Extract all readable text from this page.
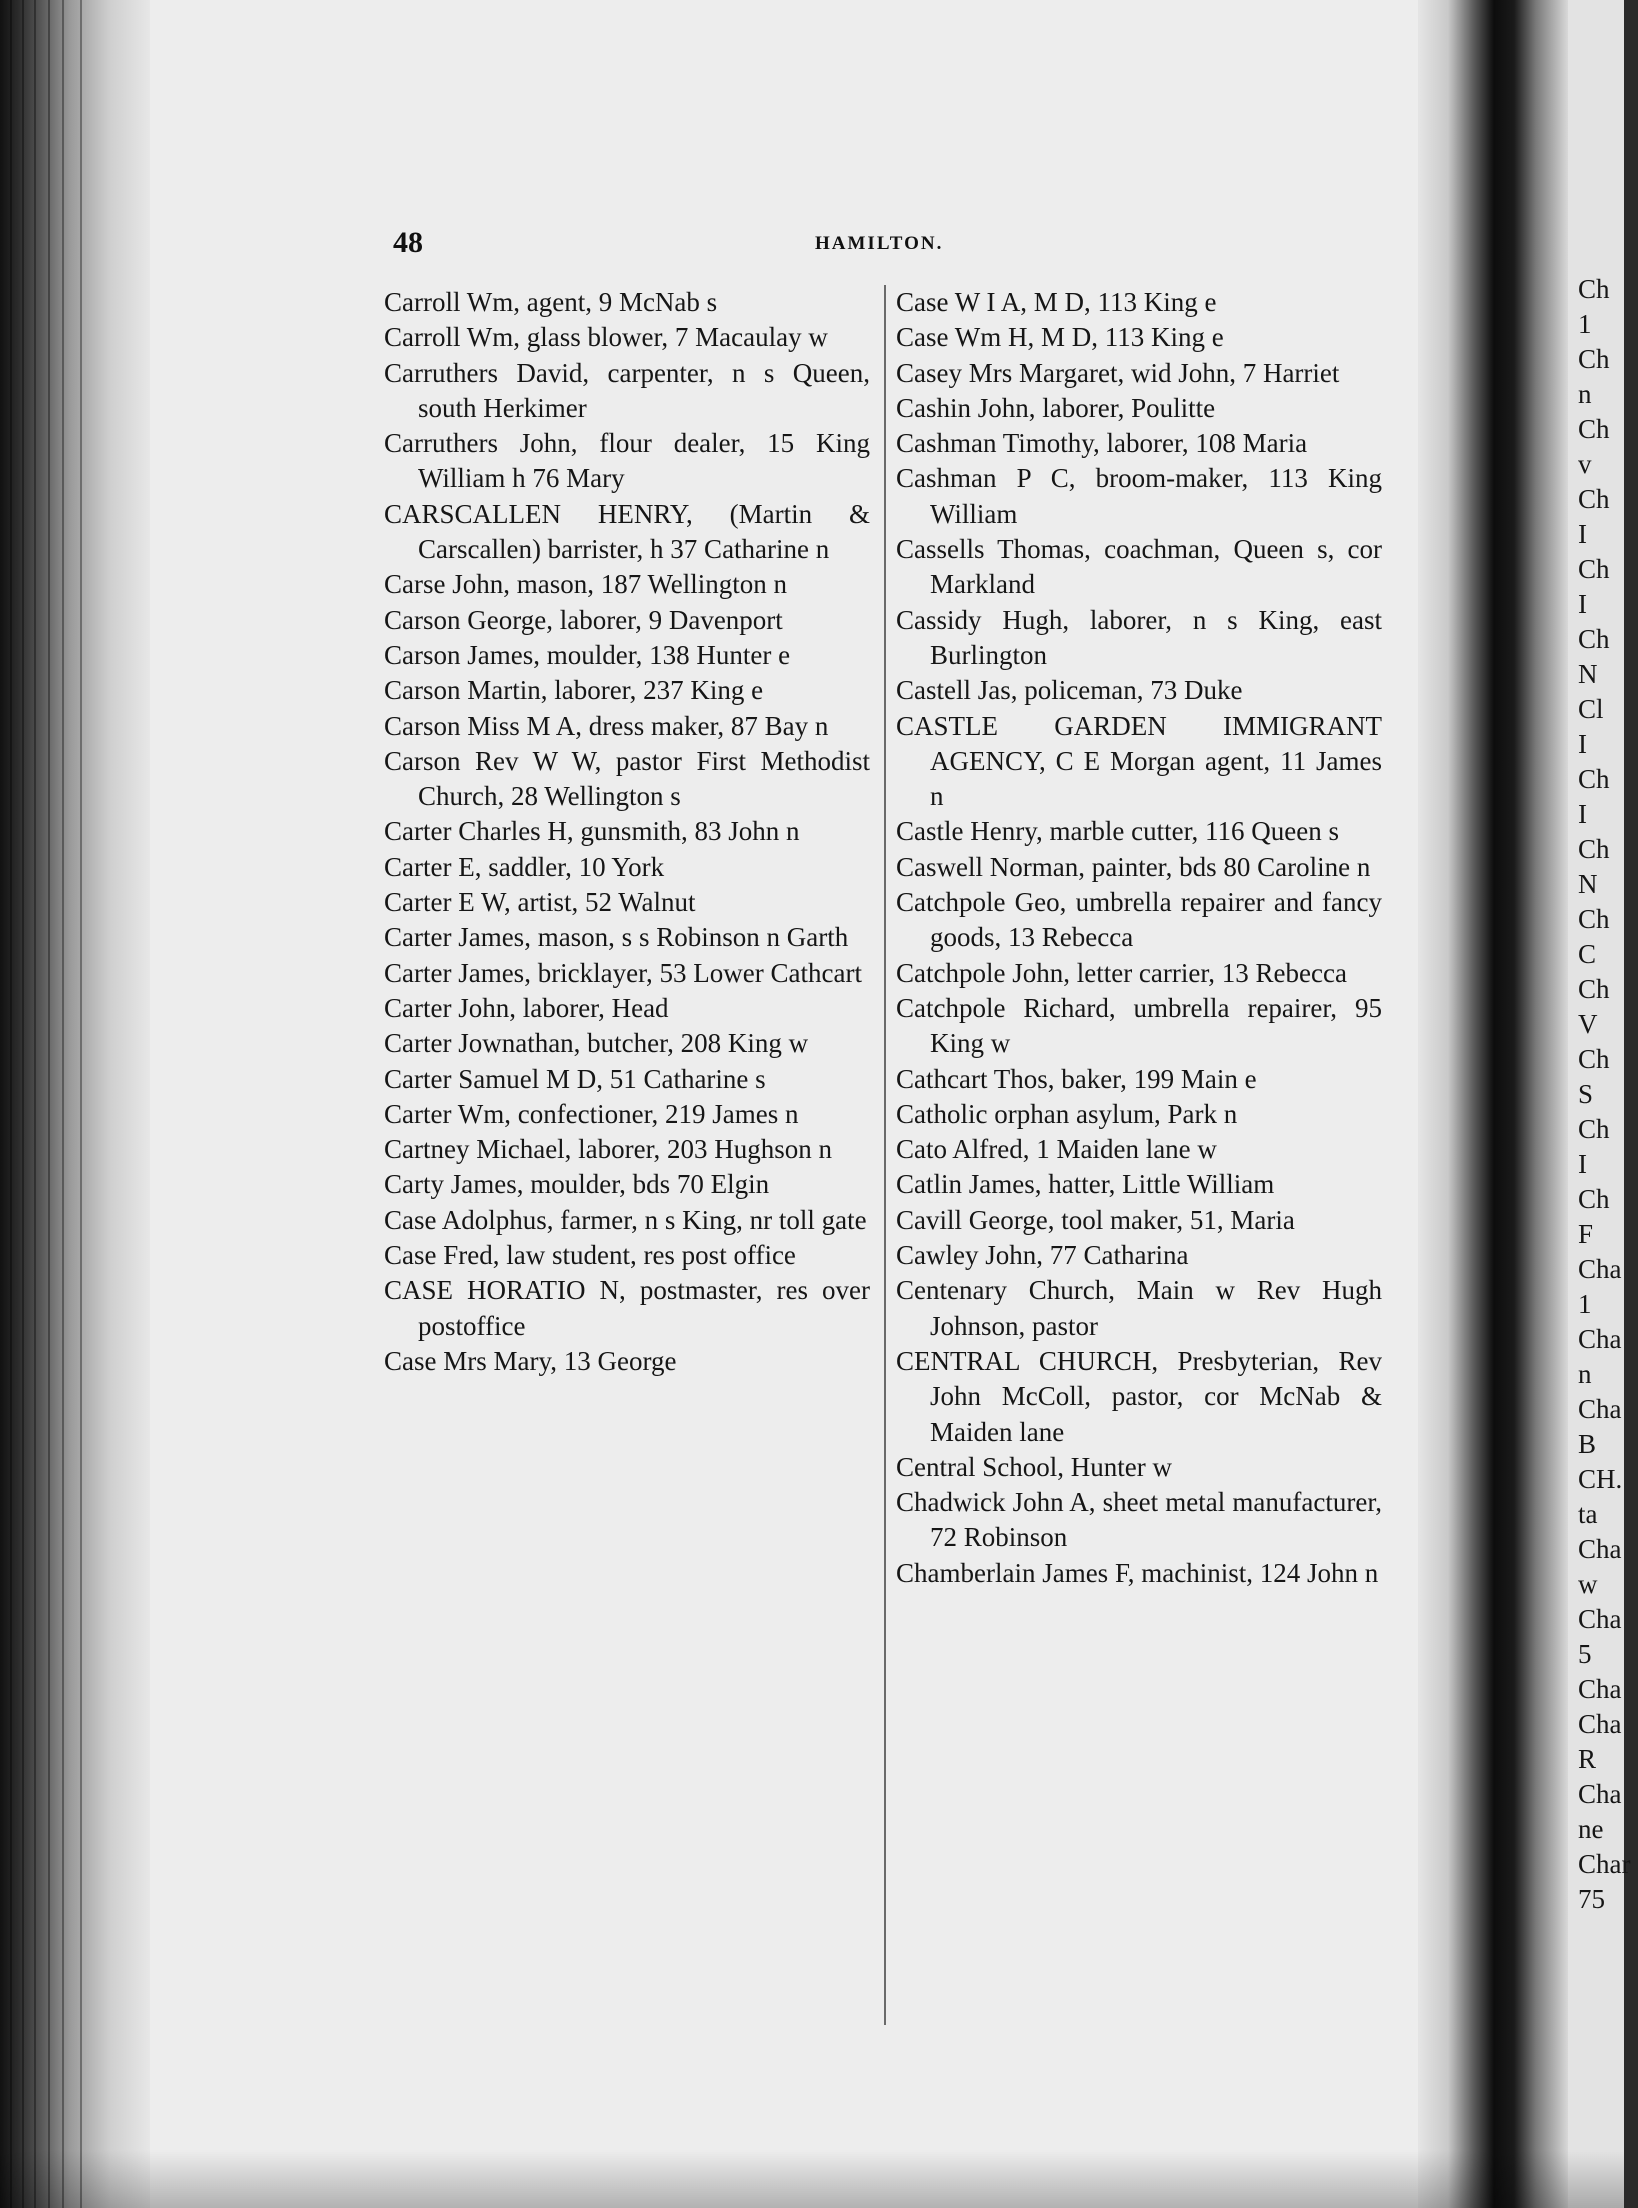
48	HAMILTON.
Carroll Wm, agent, 9 McNab s
Carroll Wm, glass blower, 7 Macaulay w
Carruthers David, carpenter, n s Queen, south Herkimer
Carruthers John, flour dealer, 15 King William h 76 Mary
CARSCALLEN HENRY, (Martin & Carscallen) barrister, h 37 Catharine n
Carse John, mason, 187 Wellington n
Carson George, laborer, 9 Davenport
Carson James, moulder, 138 Hunter e
Carson Martin, laborer, 237 King e
Carson Miss M A, dress maker, 87 Bay n
Carson Rev W W, pastor First Methodist Church, 28 Wellington s
Carter Charles H, gunsmith, 83 John n
Carter E, saddler, 10 York
Carter E W, artist, 52 Walnut
Carter James, mason, s s Robinson n Garth
Carter James, bricklayer, 53 Lower Cathcart
Carter John, laborer, Head
Carter Jownathan, butcher, 208 King w
Carter Samuel M D, 51 Catharine s
Carter Wm, confectioner, 219 James n
Cartney Michael, laborer, 203 Hughson n
Carty James, moulder, bds 70 Elgin
Case Adolphus, farmer, n s King, nr toll gate
Case Fred, law student, res post office
CASE HORATIO N, postmaster, res over postoffice
Case Mrs Mary, 13 George
Case W I A, M D, 113 King e
Case Wm H, M D, 113 King e
Casey Mrs Margaret, wid John, 7 Harriet
Cashin John, laborer, Poulitte
Cashman Timothy, laborer, 108 Maria
Cashman P C, broom-maker, 113 King William
Cassells Thomas, coachman, Queen s, cor Markland
Cassidy Hugh, laborer, n s King, east Burlington
Castell Jas, policeman, 73 Duke
CASTLE GARDEN IMMIGRANT AGENCY, C E Morgan agent, 11 James n
Castle Henry, marble cutter, 116 Queen s
Caswell Norman, painter, bds 80 Caroline n
Catchpole Geo, umbrella repairer and fancy goods, 13 Rebecca
Catchpole John, letter carrier, 13 Rebecca
Catchpole Richard, umbrella repairer, 95 King w
Cathcart Thos, baker, 199 Main e
Catholic orphan asylum, Park n
Cato Alfred, 1 Maiden lane w
Catlin James, hatter, Little William
Cavill George, tool maker, 51, Maria
Cawley John, 77 Catharina
Centenary Church, Main w Rev Hugh Johnson, pastor
CENTRAL CHURCH, Presbyterian, Rev John McColl, pastor, cor McNab & Maiden lane
Central School, Hunter w
Chadwick John A, sheet metal manufacturer, 72 Robinson
Chamberlain James F, machinist, 124 John n
Ch
1
Ch
n
Ch
v
Ch
I
Ch
I
Ch
N
Cl
I
Ch
I
Ch
N
Ch
C
Ch
V
Ch
S
Ch
I
Ch
F
Cha
1
Cha
n
Cha
B
CH.
ta
Cha
w
Cha
5
Cha
Cha
R
Cha
ne
Char
75
